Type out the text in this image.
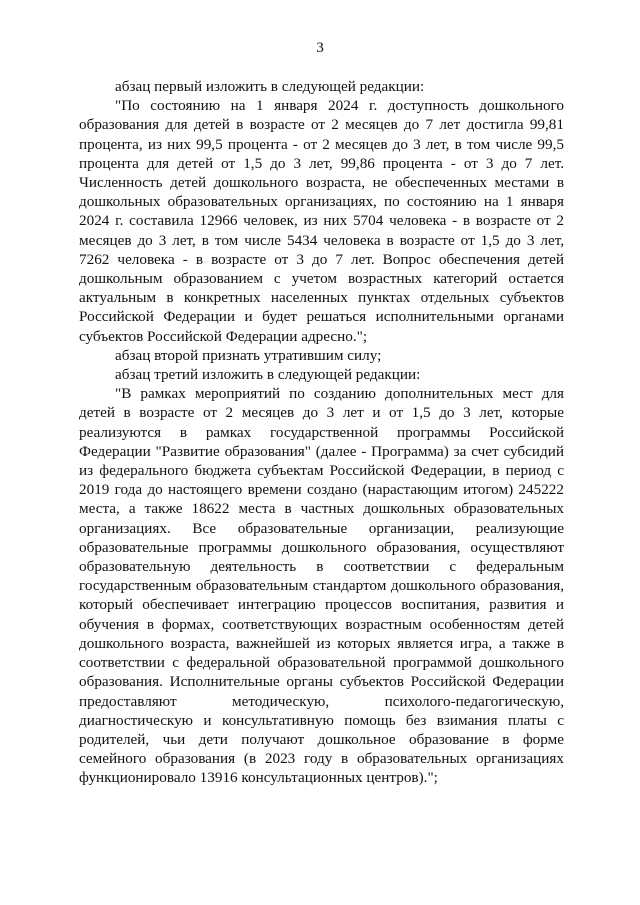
3

абзац первый изложить в следующей редакции:

"По состоянию на 1 января 2024 г. доступность дошкольного образования для детей в возрасте от 2 месяцев до 7 лет достигла 99,81 процента, из них 99,5 процента - от 2 месяцев до 3 лет, в том числе 99,5 процента для детей от 1,5 до 3 лет, 99,86 процента - от 3 до 7 лет. Численность детей дошкольного возраста, не обеспеченных местами в дошкольных образовательных организациях, по состоянию на 1 января 2024 г. составила 12966 человек, из них 5704 человека - в возрасте от 2 месяцев до 3 лет, в том числе 5434 человека в возрасте от 1,5 до 3 лет, 7262 человека - в возрасте от 3 до 7 лет. Вопрос обеспечения детей дошкольным образованием с учетом возрастных категорий остается актуальным в конкретных населенных пунктах отдельных субъектов Российской Федерации и будет решаться исполнительными органами субъектов Российской Федерации адресно.";

абзац второй признать утратившим силу;

абзац третий изложить в следующей редакции:

"В рамках мероприятий по созданию дополнительных мест для детей в возрасте от 2 месяцев до 3 лет и от 1,5 до 3 лет, которые реализуются в рамках государственной программы Российской Федерации "Развитие образования" (далее - Программа) за счет субсидий из федерального бюджета субъектам Российской Федерации, в период с 2019 года до настоящего времени создано (нарастающим итогом) 245222 места, а также 18622 места в частных дошкольных образовательных организациях. Все образовательные организации, реализующие образовательные программы дошкольного образования, осуществляют образовательную деятельность в соответствии с федеральным государственным образовательным стандартом дошкольного образования, который обеспечивает интеграцию процессов воспитания, развития и обучения в формах, соответствующих возрастным особенностям детей дошкольного возраста, важнейшей из которых является игра, а также в соответствии с федеральной образовательной программой дошкольного образования. Исполнительные органы субъектов Российской Федерации предоставляют методическую, психолого-педагогическую, диагностическую и консультативную помощь без взимания платы с родителей, чьи дети получают дошкольное образование в форме семейного образования (в 2023 году в образовательных организациях функционировало 13916 консультационных центров).";
